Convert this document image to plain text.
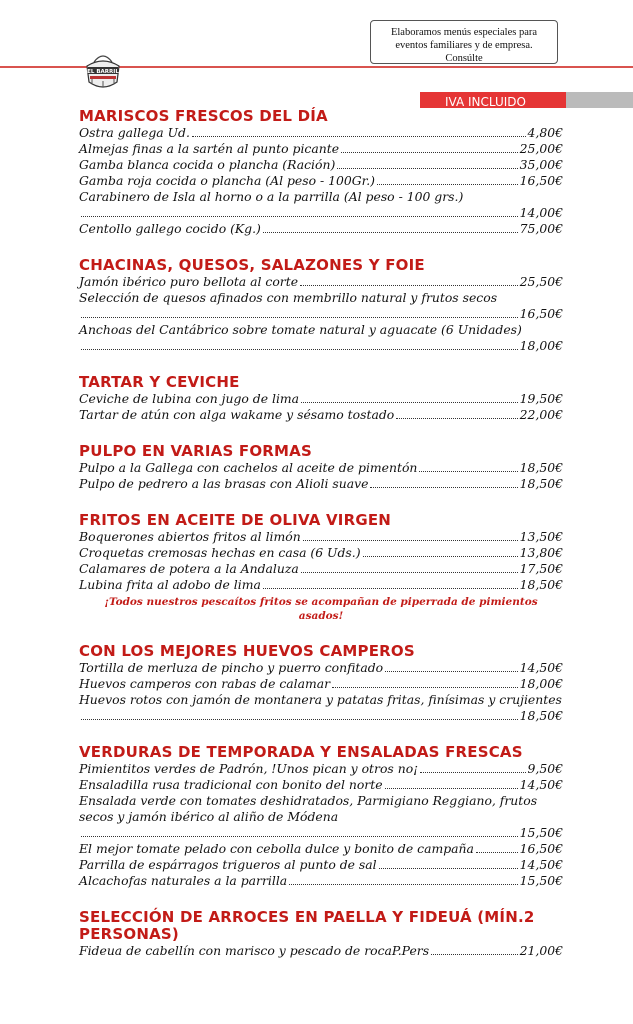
Elaboramos menús especiales para
eventos familiares y de empresa.
Consúlte
EL BARRIL
IVA INCLUIDO
MARISCOS FRESCOS DEL DÍA
Ostra gallega Ud.	4,80€
Almejas finas a la sartén al punto picante	25,00€
Gamba blanca cocida o plancha (Ración)	35,00€
Gamba roja cocida o plancha (Al peso - 100Gr.)	16,50€
Carabinero de Isla al horno o a la parrilla (Al peso - 100 grs.)
14,00€
Centollo gallego cocido (Kg.)	75,00€
CHACINAS, QUESOS, SALAZONES Y FOIE
Jamón ibérico puro bellota al corte	25,50€
Selección de quesos afinados con membrillo natural y frutos secos
16,50€
Anchoas del Cantábrico sobre tomate natural y aguacate (6 Unidades)
18,00€
TARTAR Y CEVICHE
Ceviche de lubina con jugo de lima	19,50€
Tartar de atún con alga wakame y sésamo tostado	22,00€
PULPO EN VARIAS FORMAS
Pulpo a la Gallega con cachelos al aceite de pimentón	18,50€
Pulpo de pedrero a las brasas con Alioli suave	18,50€
FRITOS EN ACEITE DE OLIVA VIRGEN
Boquerones abiertos fritos al limón	13,50€
Croquetas cremosas hechas en casa (6 Uds.)	13,80€
Calamares de potera a la Andaluza	17,50€
Lubina frita al adobo de lima	18,50€
¡Todos nuestros pescaítos fritos se acompañan de piperrada de pimientos asados!
CON LOS MEJORES HUEVOS CAMPEROS
Tortilla de merluza de pincho y puerro confitado	14,50€
Huevos camperos con rabas de calamar	18,00€
Huevos rotos con jamón de montanera y patatas fritas, finísimas y crujientes
18,50€
VERDURAS DE TEMPORADA Y ENSALADAS FRESCAS
Pimientitos verdes de Padrón, !Unos pican y otros no¡	9,50€
Ensaladilla rusa tradicional con bonito del norte	14,50€
Ensalada verde con tomates deshidratados, Parmigiano Reggiano, frutos secos y jamón ibérico al aliño de Módena
15,50€
El mejor tomate pelado con cebolla dulce y bonito de campaña	16,50€
Parrilla de espárragos trigueros al punto de sal	14,50€
Alcachofas naturales a la parrilla	15,50€
SELECCIÓN DE ARROCES EN PAELLA Y FIDEUÁ (MÍN.2 PERSONAS)
Fideua de cabellín con marisco y pescado de rocaP.Pers	21,00€
